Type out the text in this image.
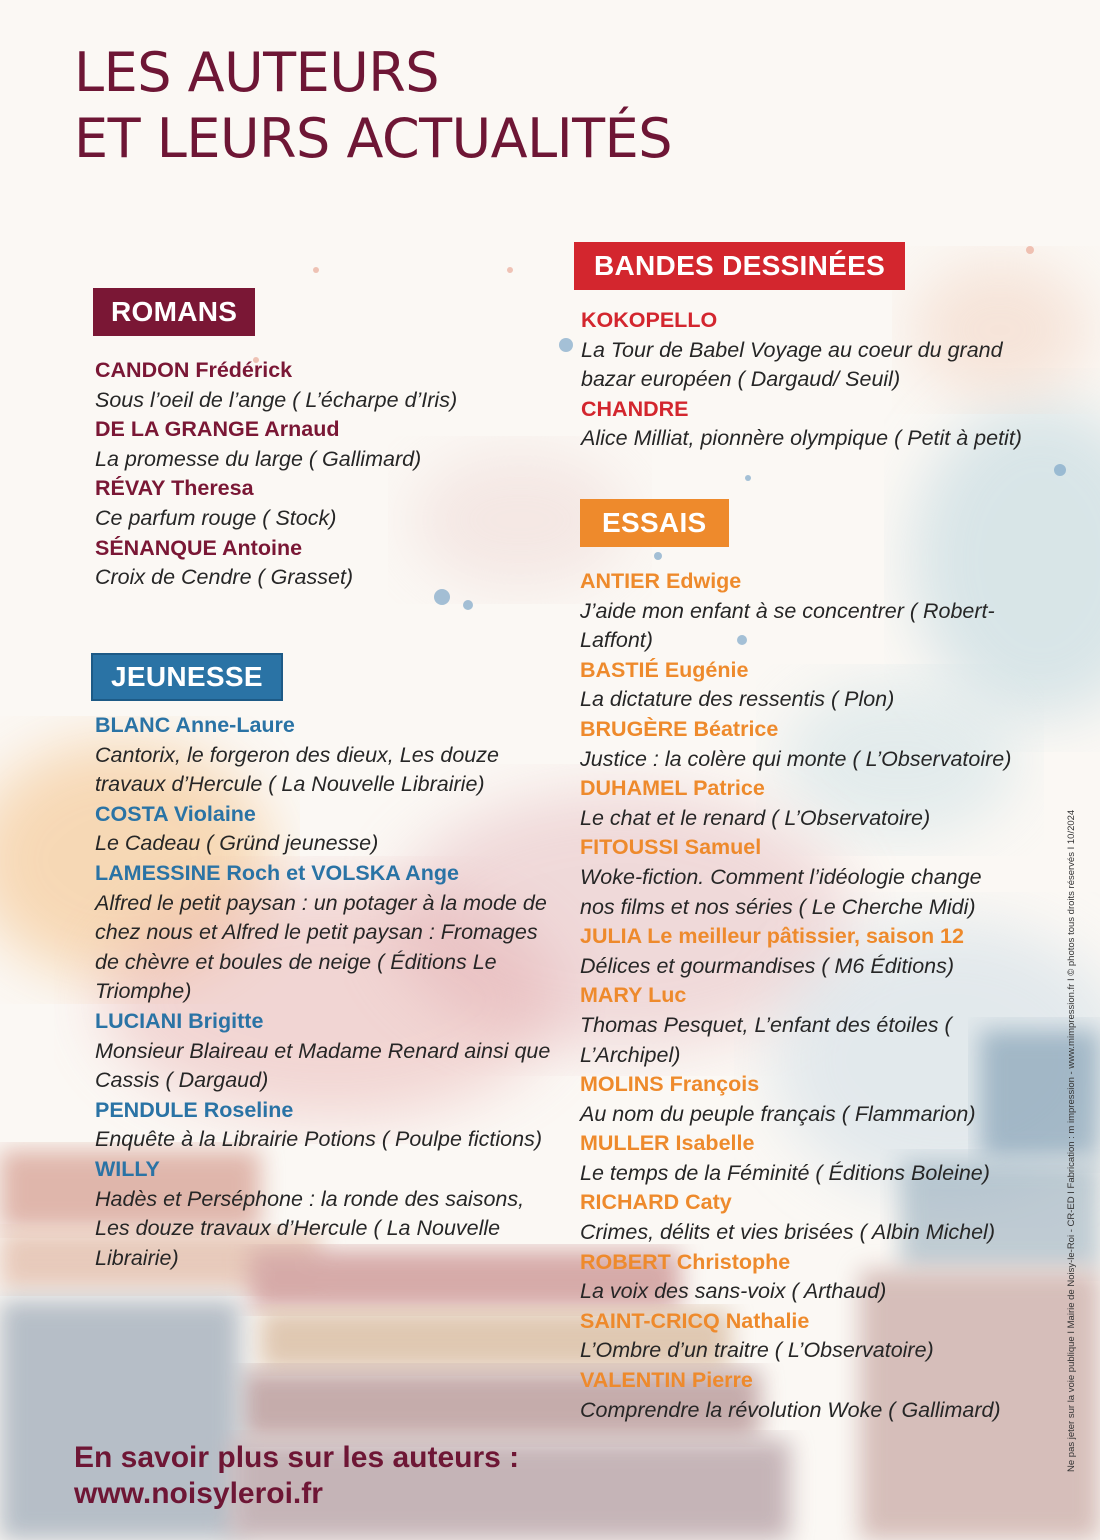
LES AUTEURS
ET LEURS ACTUALITÉS
ROMANS
CANDON Frédérick
Sous l’oeil de l’ange ( L’écharpe d’Iris)
DE LA GRANGE Arnaud
La promesse du large ( Gallimard)
RÉVAY Theresa
Ce parfum rouge ( Stock)
SÉNANQUE Antoine
Croix de Cendre ( Grasset)
JEUNESSE
BLANC Anne-Laure
Cantorix, le forgeron des dieux, Les douze travaux d’Hercule ( La Nouvelle Librairie)
COSTA Violaine
Le Cadeau ( Gründ jeunesse)
LAMESSINE Roch et VOLSKA Ange
Alfred le petit paysan : un potager à la mode de chez nous et Alfred le petit paysan : Fromages de chèvre et boules de neige ( Éditions Le Triomphe)
LUCIANI Brigitte
Monsieur Blaireau et Madame Renard ainsi que Cassis ( Dargaud)
PENDULE Roseline
Enquête à la Librairie Potions ( Poulpe fictions)
WILLY
Hadès et Perséphone : la ronde des saisons, Les douze travaux d’Hercule ( La Nouvelle Librairie)
BANDES DESSINÉES
KOKOPELLO
La Tour de Babel Voyage au coeur du grand bazar européen ( Dargaud/ Seuil)
CHANDRE
Alice Milliat, pionnère olympique ( Petit à petit)
ESSAIS
ANTIER Edwige
J’aide mon enfant à se concentrer ( Robert-Laffont)
BASTIÉ Eugénie
La dictature des ressentis ( Plon)
BRUGÈRE Béatrice
Justice : la colère qui monte ( L’Observatoire)
DUHAMEL Patrice
Le chat et le renard ( L’Observatoire)
FITOUSSI Samuel
Woke-fiction. Comment l’idéologie change nos films et nos séries ( Le Cherche Midi)
JULIA Le meilleur pâtissier, saison 12
Délices et gourmandises ( M6 Éditions)
MARY Luc
Thomas Pesquet, L’enfant des étoiles ( L’Archipel)
MOLINS François
Au nom du peuple français ( Flammarion)
MULLER Isabelle
Le temps de la Féminité ( Éditions Boleine)
RICHARD Caty
Crimes, délits et vies brisées ( Albin Michel)
ROBERT Christophe
La voix des sans-voix ( Arthaud)
SAINT-CRICQ Nathalie
L’Ombre d’un traitre ( L’Observatoire)
VALENTIN Pierre
Comprendre la révolution Woke ( Gallimard)
En savoir plus sur les auteurs :
www.noisyleroi.fr
Ne pas jeter sur la voie publique I Mairie de Noisy-le-Roi - CR-ED I Fabrication : m impression - www.mimpression.fr I © photos tous droits réservés I 10/2024
